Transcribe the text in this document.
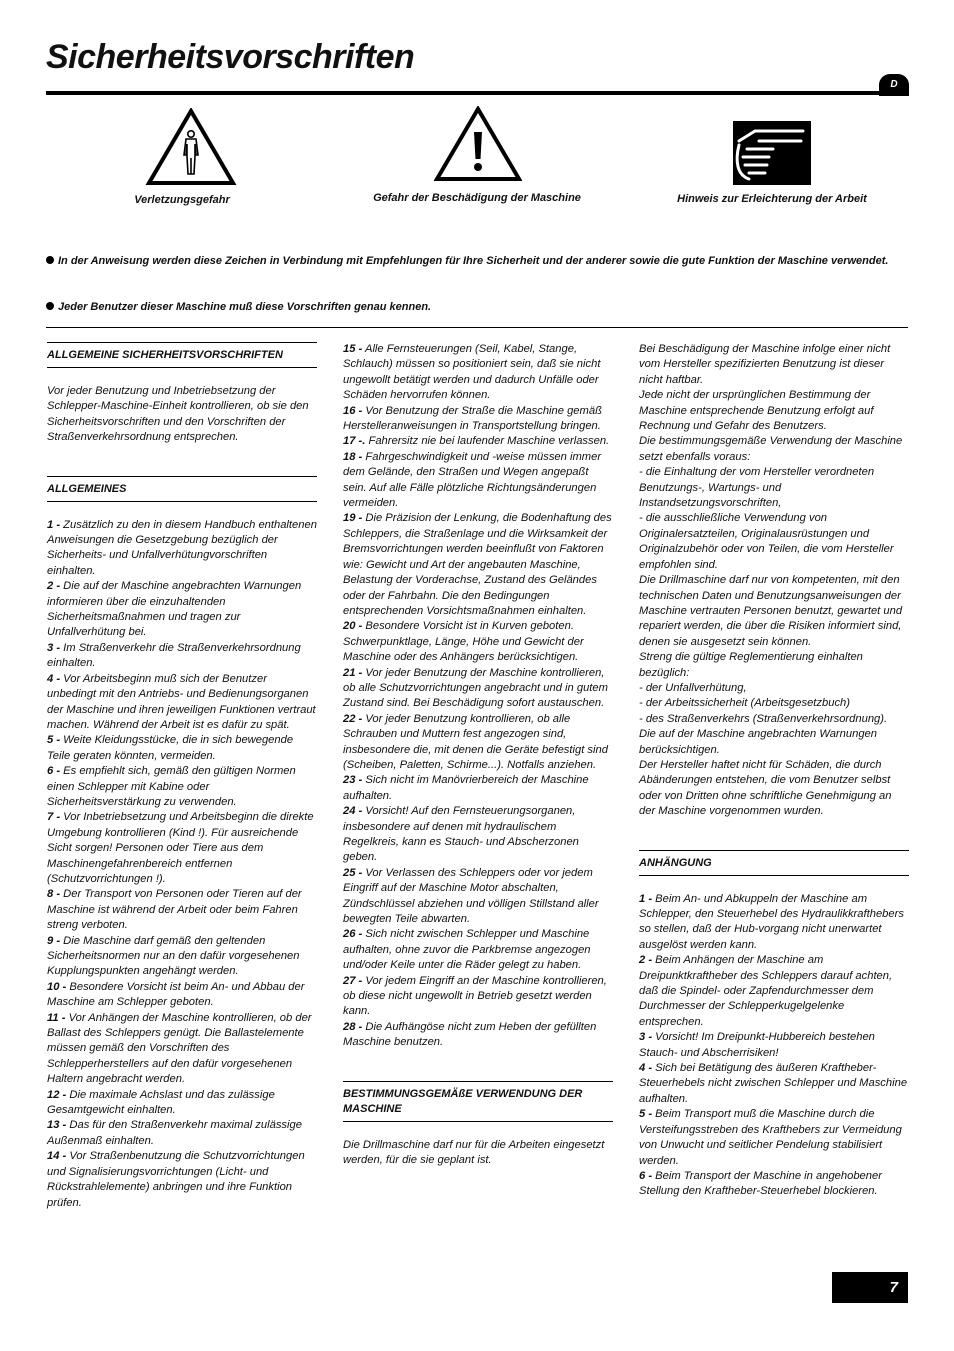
Sicherheitsvorschriften
D
Verletzungsgefahr	Gefahr der Beschädigung der Maschine	Hinweis zur Erleichterung der Arbeit
In der Anweisung werden diese Zeichen in Verbindung mit Empfehlungen für Ihre Sicherheit und der anderer sowie die gute Funktion der Maschine verwendet.
Jeder Benutzer dieser Maschine muß diese Vorschriften genau kennen.
ALLGEMEINE SICHERHEITSVORSCHRIFTEN

Vor jeder Benutzung und Inbetriebsetzung der Schlepper-Maschine-Einheit kontrollieren, ob sie den Sicherheitsvorschriften und den Vorschriften der Straßenverkehrsordnung entsprechen.

ALLGEMEINES

1 - Zusätzlich zu den in diesem Handbuch enthaltenen Anweisungen die Gesetzgebung bezüglich der Sicherheits- und Unfallverhütungvorschriften einhalten.

2 - Die auf der Maschine angebrachten Warnungen informieren über die einzuhaltenden Sicherheitsmaßnahmen und tragen zur Unfallverhütung bei.

3 - Im Straßenverkehr die Straßenverkehrsordnung einhalten.

4 - Vor Arbeitsbeginn muß sich der Benutzer unbedingt mit den Antriebs- und Bedienungsorganen der Maschine und ihren jeweiligen Funktionen vertraut machen. Während der Arbeit ist es dafür zu spät.

5 - Weite Kleidungsstücke, die in sich bewegende Teile geraten könnten, vermeiden.

6 - Es empfiehlt sich, gemäß den gültigen Normen einen Schlepper mit Kabine oder Sicherheitsverstärkung zu verwenden.

7 - Vor Inbetriebsetzung und Arbeitsbeginn die direkte Umgebung kontrollieren (Kind !). Für ausreichende Sicht sorgen! Personen oder Tiere aus dem Maschinengefahrenbereich entfernen (Schutzvorrichtungen !).

8 - Der Transport von Personen oder Tieren auf der Maschine ist während der Arbeit oder beim Fahren streng verboten.

9 - Die Maschine darf gemäß den geltenden Sicherheitsnormen nur an den dafür vorgesehenen Kupplungspunkten angehängt werden.

10 - Besondere Vorsicht ist beim An- und Abbau der Maschine am Schlepper geboten.

11 - Vor Anhängen der Maschine kontrollieren, ob der Ballast des Schleppers genügt. Die Ballastelemente müssen gemäß den Vorschriften des Schlepperherstellers auf den dafür vorgesehenen Haltern angebracht werden.

12 - Die maximale Achslast und das zulässige Gesamtgewicht einhalten.

13 - Das für den Straßenverkehr maximal zulässige Außenmaß einhalten.

14 - Vor Straßenbenutzung die Schutzvorrichtungen und Signalisierungsvorrichtungen (Licht- und Rückstrahlelemente) anbringen und ihre Funktion prüfen.

15 - Alle Fernsteuerungen (Seil, Kabel, Stange, Schlauch) müssen so positioniert sein, daß sie nicht ungewollt betätigt werden und dadurch Unfälle oder Schäden hervorrufen können.

16 - Vor Benutzung der Straße die Maschine gemäß Herstelleranweisungen in Transportstellung bringen.

17 -. Fahrersitz nie bei laufender Maschine verlassen.

18 - Fahrgeschwindigkeit und -weise müssen immer dem Gelände, den Straßen und Wegen angepaßt sein. Auf alle Fälle plötzliche Richtungsänderungen vermeiden.

19 - Die Präzision der Lenkung, die Bodenhaftung des Schleppers, die Straßenlage und die Wirksamkeit der Bremsvorrichtungen werden beeinflußt von Faktoren wie: Gewicht und Art der angebauten Maschine, Belastung der Vorderachse, Zustand des Geländes oder der Fahrbahn. Die den Bedingungen entsprechenden Vorsichtsmaßnahmen einhalten.

20 - Besondere Vorsicht ist in Kurven geboten. Schwerpunktlage, Länge, Höhe und Gewicht der Maschine oder des Anhängers berücksichtigen.

21 - Vor jeder Benutzung der Maschine kontrollieren, ob alle Schutzvorrichtungen angebracht und in gutem Zustand sind. Bei Beschädigung sofort austauschen.

22 - Vor jeder Benutzung kontrollieren, ob alle Schrauben und Muttern fest angezogen sind, insbesondere die, mit denen die Geräte befestigt sind (Scheiben, Paletten, Schirme...). Notfalls anziehen.

23 - Sich nicht im Manövrierbereich der Maschine aufhalten.

24 - Vorsicht! Auf den Fernsteuerungsorganen, insbesondere auf denen mit hydraulischem Regelkreis, kann es Stauch- und Abscherzonen geben.

25 - Vor Verlassen des Schleppers oder vor jedem Eingriff auf der Maschine Motor abschalten, Zündschlüssel abziehen und völligen Stillstand aller bewegten Teile abwarten.

26 - Sich nicht zwischen Schlepper und Maschine aufhalten, ohne zuvor die Parkbremse angezogen und/oder Keile unter die Räder gelegt zu haben.

27 - Vor jedem Eingriff an der Maschine kontrollieren, ob diese nicht ungewollt in Betrieb gesetzt werden kann.

28 - Die Aufhängöse nicht zum Heben der gefüllten Maschine benutzen.

BESTIMMUNGSGEMÄßE VERWENDUNG DER MASCHINE

Die Drillmaschine darf nur für die Arbeiten eingesetzt werden, für die sie geplant ist.

Bei Beschädigung der Maschine infolge einer nicht vom Hersteller spezifizierten Benutzung ist dieser nicht haftbar.

Jede nicht der ursprünglichen Bestimmung der Maschine entsprechende Benutzung erfolgt auf Rechnung und Gefahr des Benutzers.

Die bestimmungsgemäße Verwendung der Maschine setzt ebenfalls voraus:

- die Einhaltung der vom Hersteller verordneten Benutzungs-, Wartungs- und Instandsetzungsvorschriften,

- die ausschließliche Verwendung von Originalersatzteilen, Originalausrüstungen und Originalzubehör oder von Teilen, die vom Hersteller empfohlen sind.

Die Drillmaschine darf nur von kompetenten, mit den technischen Daten und Benutzungsanweisungen der Maschine vertrauten Personen benutzt, gewartet und repariert werden, die über die Risiken informiert sind, denen sie ausgesetzt sein können.

Streng die gültige Reglementierung einhalten bezüglich:

- der Unfallverhütung,

- der Arbeitssicherheit (Arbeitsgesetzbuch)

- des Straßenverkehrs (Straßenverkehrsordnung).

Die auf der Maschine angebrachten Warnungen berücksichtigen.

Der Hersteller haftet nicht für Schäden, die durch Abänderungen entstehen, die vom Benutzer selbst oder von Dritten ohne schriftliche Genehmigung an der Maschine vorgenommen wurden.

ANHÄNGUNG

1 - Beim An- und Abkuppeln der Maschine am Schlepper, den Steuerhebel des Hydraulikkrafthebers so stellen, daß der Hub-vorgang nicht unerwartet ausgelöst werden kann.

2 - Beim Anhängen der Maschine am Dreipunktkraftheber des Schleppers darauf achten, daß die Spindel- oder Zapfendurchmesser dem Durchmesser der Schlepperkugelgelenke entsprechen.

3 - Vorsicht! Im Dreipunkt-Hubbereich bestehen Stauch- und Abscherrisiken!

4 - Sich bei Betätigung des äußeren Kraftheber-Steuerhebels nicht zwischen Schlepper und Maschine aufhalten.

5 - Beim Transport muß die Maschine durch die Versteifungsstreben des Krafthebers zur Vermeidung von Unwucht und seitlicher Pendelung stabilisiert werden.

6 - Beim Transport der Maschine in angehobener Stellung den Kraftheber-Steuerhebel blockieren.

7
